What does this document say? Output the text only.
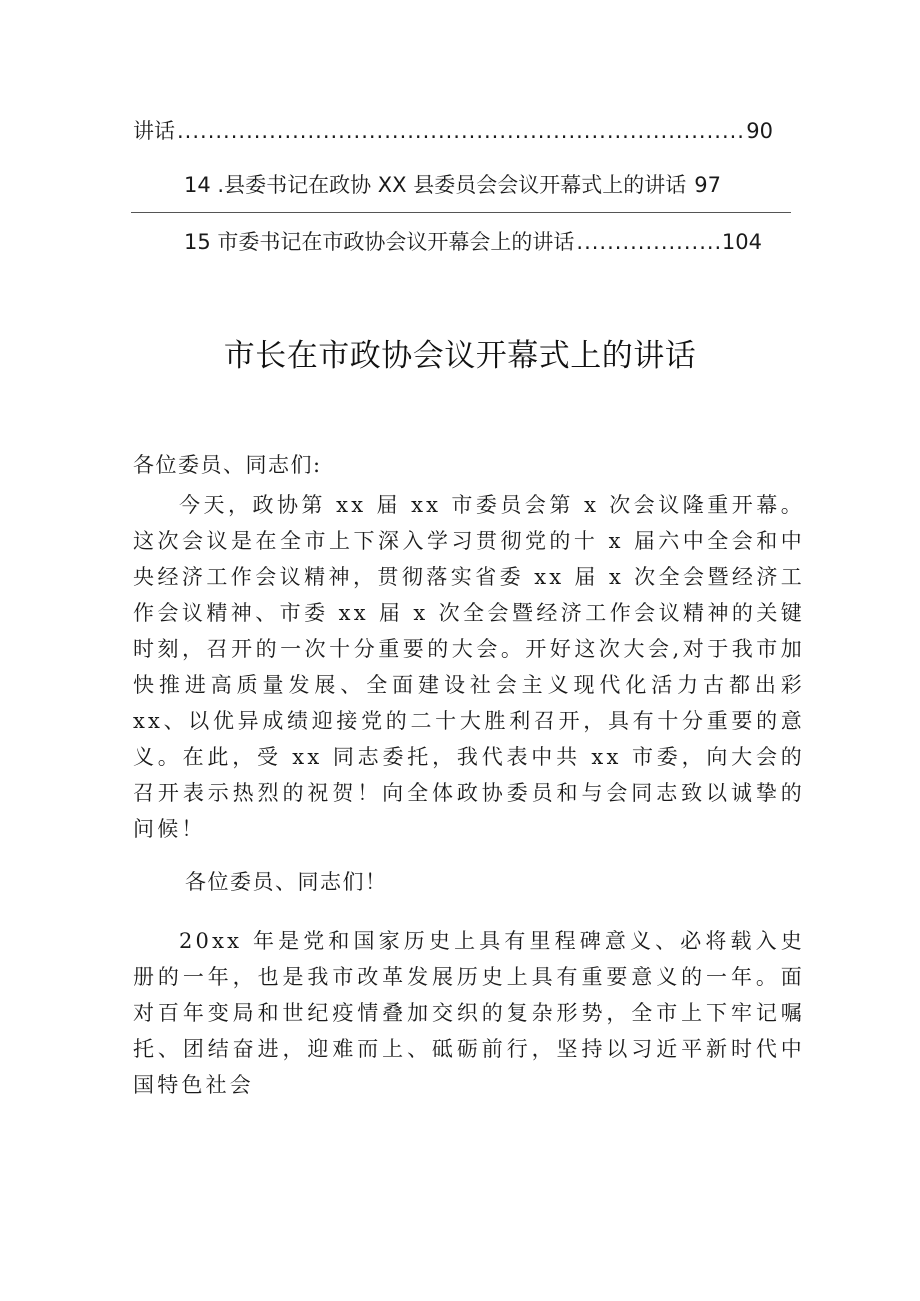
讲话 .....	90
14 .县委书记在政协 XX 县委员会会议开幕式上的讲话 97
15 市委书记在市政协会议开幕会上的讲话 .....	104
市长在市政协会议开幕式上的讲话
各位委员、同志们:

今天，政协第 xx 届 xx 市委员会第 x 次会议隆重开幕。这次会议是在全市上下深入学习贯彻党的十 x 届六中全会和中央经济工作会议精神，贯彻落实省委 xx 届 x 次全会暨经济工作会议精神、市委 xx 届 x 次全会暨经济工作会议精神的关键时刻，召开的一次十分重要的大会。开好这次大会,对于我市加快推进高质量发展、全面建设社会主义现代化活力古都出彩 xx、以优异成绩迎接党的二十大胜利召开，具有十分重要的意义。在此，受 xx 同志委托，我代表中共 xx 市委，向大会的召开表示热烈的祝贺！向全体政协委员和与会同志致以诚挚的问候！

各位委员、同志们！

20xx 年是党和国家历史上具有里程碑意义、必将载入史册的一年，也是我市改革发展历史上具有重要意义的一年。面对百年变局和世纪疫情叠加交织的复杂形势，全市上下牢记嘱托、团结奋进，迎难而上、砥砺前行，坚持以习近平新时代中国特色社会
